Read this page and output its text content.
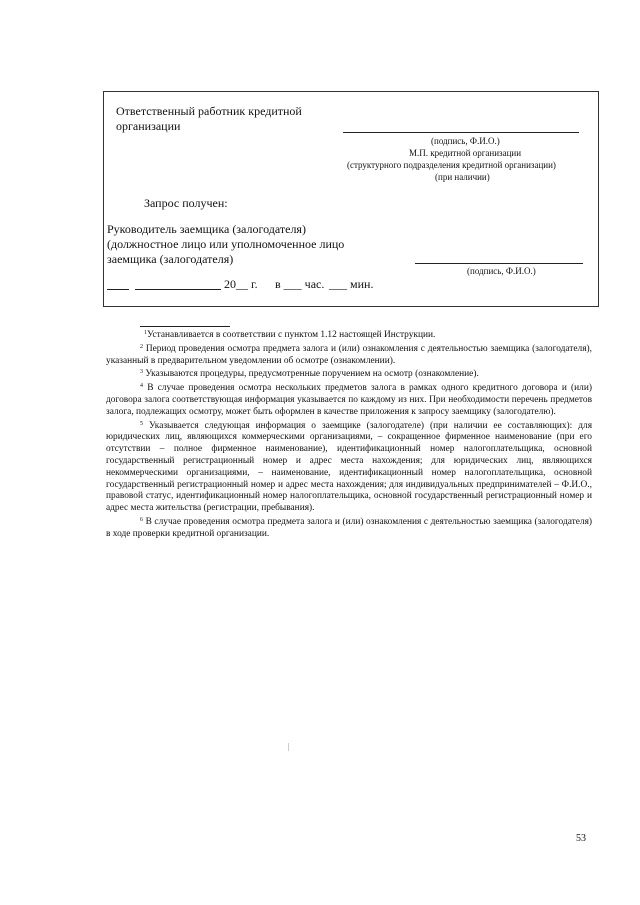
Ответственный работник кредитной
организации
(подпись, Ф.И.О.)
М.П. кредитной организации
(структурного подразделения кредитной организации)
(при наличии)
Запрос получен:
Руководитель заемщика (залогодателя)
(должностное лицо или уполномоченное лицо
заемщика (залогодателя)
(подпись, Ф.И.О.)
20__ г. в ___ час. ___ мин.

$^1$Устанавливается в соответствии с пунктом 1.12 настоящей Инструкции.

$^2$ Период проведения осмотра предмета залога и (или) ознакомления с деятельностью заемщика (залогодателя), указанный в предварительном уведомлении об осмотре (ознакомлении).

$^3$ Указываются процедуры, предусмотренные поручением на осмотр (ознакомление).

$^4$ В случае проведения осмотра нескольких предметов залога в рамках одного кредитного договора и (или) договора залога соответствующая информация указывается по каждому из них. При необходимости перечень предметов залога, подлежащих осмотру, может быть оформлен в качестве приложения к запросу заемщику (залогодателю).

$^5$ Указывается следующая информация о заемщике (залогодателе) (при наличии ее составляющих): для юридических лиц, являющихся коммерческими организациями, – сокращенное фирменное наименование (при его отсутствии – полное фирменное наименование), идентификационный номер налогоплательщика, основной государственный регистрационный номер и адрес места нахождения; для юридических лиц, являющихся некоммерческими организациями, – наименование, идентификационный номер налогоплательщика, основной государственный регистрационный номер и адрес места нахождения; для индивидуальных предпринимателей – Ф.И.О., правовой статус, идентификационный номер налогоплательщика, основной государственный регистрационный номер и адрес места жительства (регистрации, пребывания).

$^6$ В случае проведения осмотра предмета залога и (или) ознакомления с деятельностью заемщика (залогодателя) в ходе проверки кредитной организации.

53
